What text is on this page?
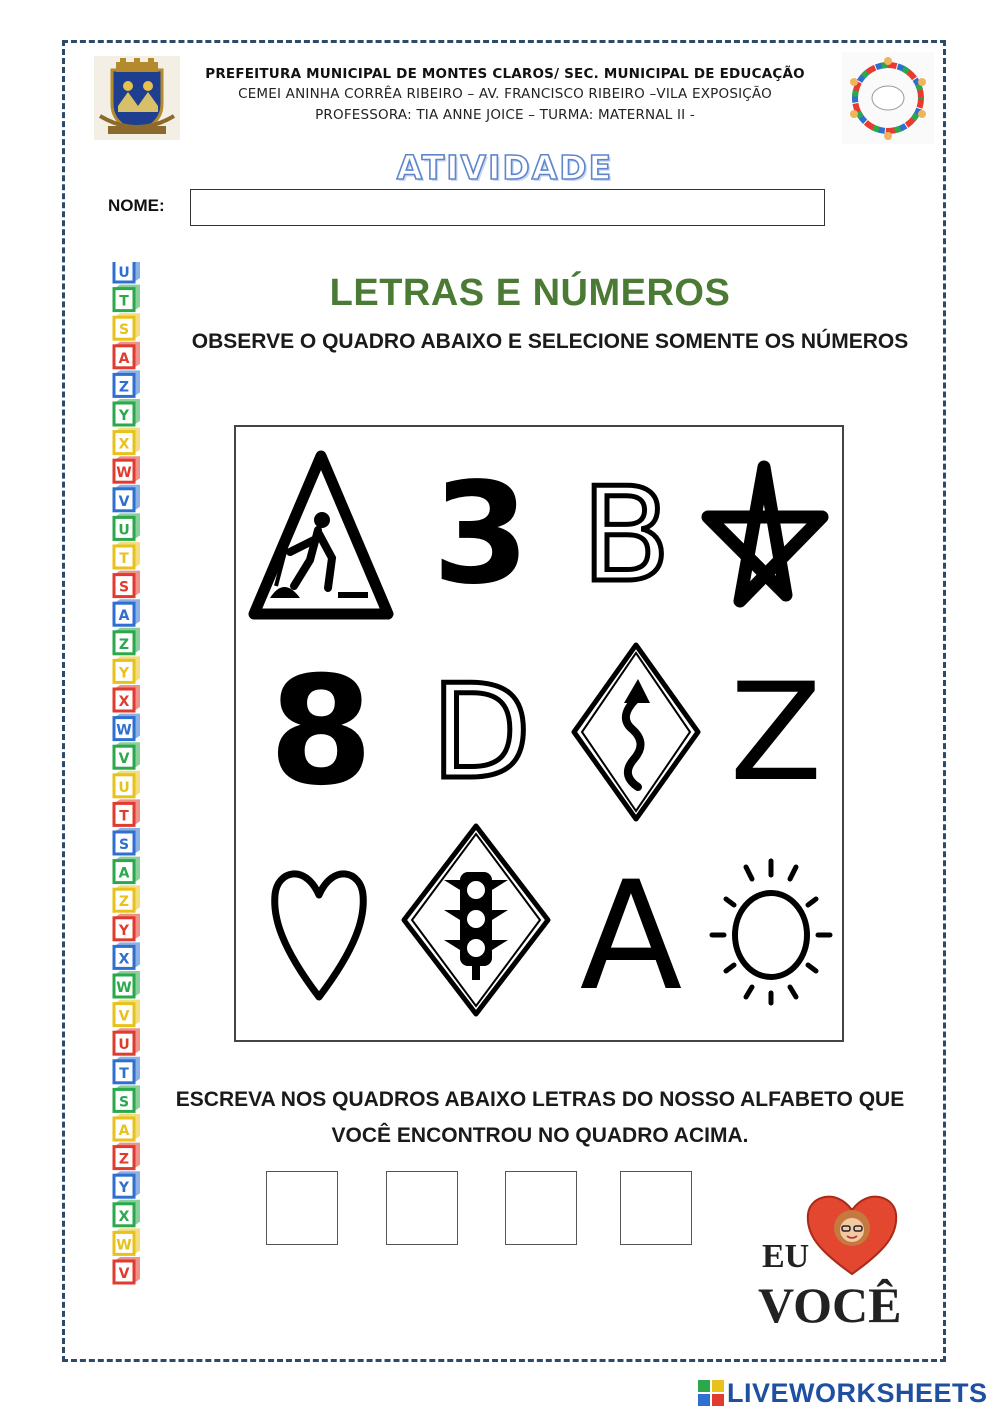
PREFEITURA MUNICIPAL DE MONTES CLAROS/ SEC. MUNICIPAL DE EDUCAÇÃO
CEMEI ANINHA CORRÊA RIBEIRO – AV. FRANCISCO RIBEIRO –VILA EXPOSIÇÃO
PROFESSORA: TIA ANNE JOICE – TURMA: MATERNAL II -
ATIVIDADE
NOME:
U
T
S
A
Z
Y
X
W
V
U
T
S
A
Z
Y
X
W
V
U
T
S
A
Z
Y
X
W
V
U
T
S
A
Z
Y
X
W
V
LETRAS E NÚMEROS
OBSERVE O QUADRO ABAIXO E SELECIONE SOMENTE OS NÚMEROS
3 B
8 D Z
A
ESCREVA NOS QUADROS ABAIXO LETRAS DO NOSSO ALFABETO QUE
VOCÊ ENCONTROU NO QUADRO ACIMA.
EU
VOCÊ
LIVEWORKSHEETS
